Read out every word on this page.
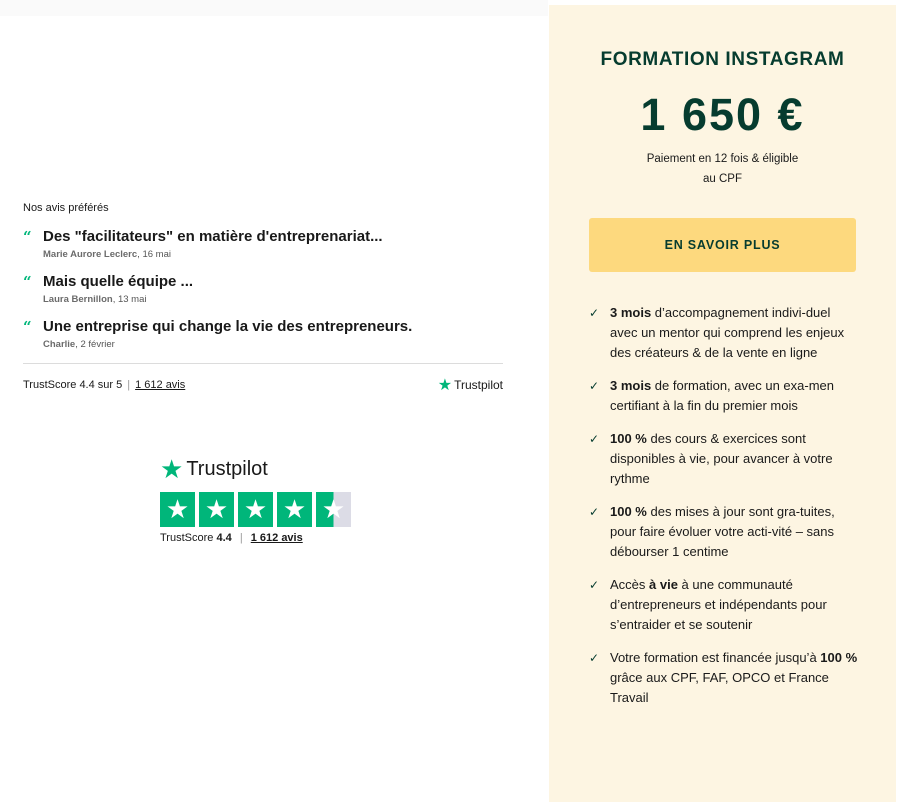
Nos avis préférés
“ Des "facilitateurs" en matière d'entreprenariat...
Marie Aurore Leclerc, 16 mai
“ Mais quelle équipe ...
Laura Bernillon, 13 mai
“ Une entreprise qui change la vie des entrepreneurs.
Charlie, 2 février
TrustScore 4.4 sur 5 | 1 612 avis	★ Trustpilot
★ Trustpilot
★ ★ ★ ★ ★
TrustScore 4.4 | 1 612 avis
FORMATION INSTAGRAM
1 650 €
Paiement en 12 fois & éligible
au CPF
EN SAVOIR PLUS
✓ 3 mois d’accompagnement indivi-duel avec un mentor qui comprend les enjeux des créateurs & de la vente en ligne
✓ 3 mois de formation, avec un exa-men certifiant à la fin du premier mois
✓ 100 % des cours & exercices sont disponibles à vie, pour avancer à votre rythme
✓ 100 % des mises à jour sont gra-tuites, pour faire évoluer votre acti-vité – sans débourser 1 centime
✓ Accès à vie à une communauté d’entrepreneurs et indépendants pour s’entraider et se soutenir
✓ Votre formation est financée jusqu’à 100 % grâce aux CPF, FAF, OPCO et France Travail
